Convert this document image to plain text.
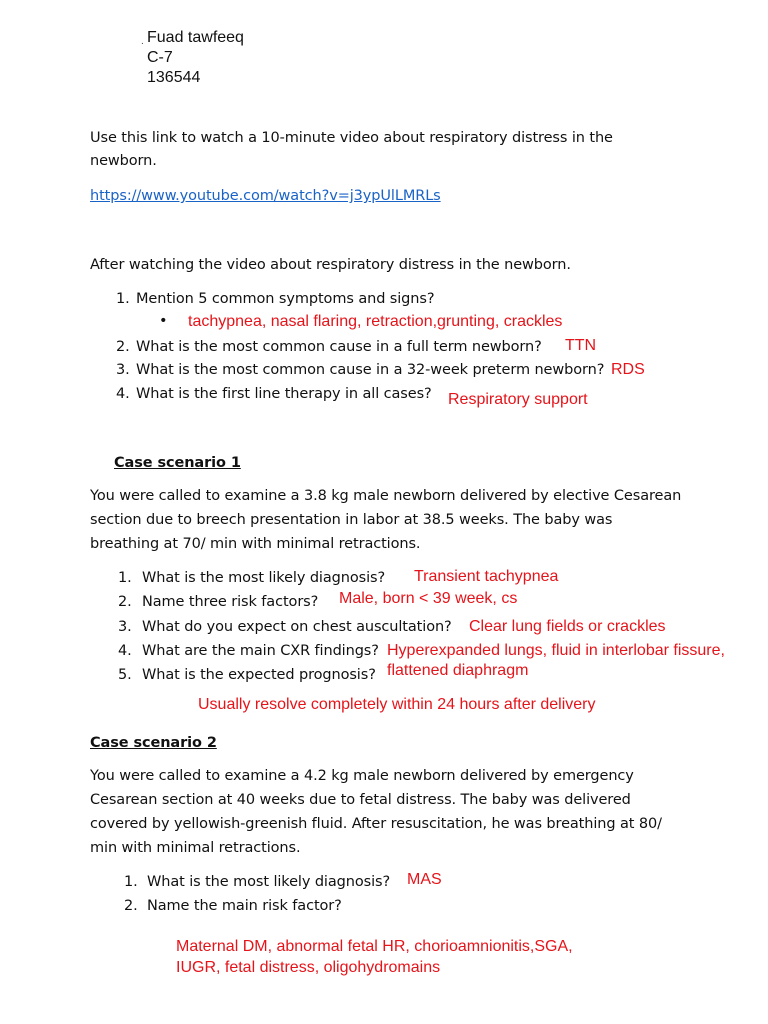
. Fuad tawfeeq
C-7
136544
Use this link to watch a 10-minute video about respiratory distress in the
newborn.
https://www.youtube.com/watch?v=j3ypUlLMRLs
After watching the video about respiratory distress in the newborn.
1. Mention 5 common symptoms and signs?
• tachypnea, nasal flaring, retraction,grunting, crackles
2. What is the most common cause in a full term newborn? TTN
3. What is the most common cause in a 32-week preterm newborn? RDS
4. What is the first line therapy in all cases? Respiratory support
Case scenario 1
You were called to examine a 3.8 kg male newborn delivered by elective Cesarean
section due to breech presentation in labor at 38.5 weeks. The baby was
breathing at 70/ min with minimal retractions.
1. What is the most likely diagnosis? Transient tachypnea
2. Name three risk factors? Male, born < 39 week, cs
3. What do you expect on chest auscultation? Clear lung fields or crackles
4. What are the main CXR findings? Hyperexpanded lungs, fluid in interlobar fissure,
5. What is the expected prognosis? flattened diaphragm
Usually resolve completely within 24 hours after delivery
Case scenario 2
You were called to examine a 4.2 kg male newborn delivered by emergency
Cesarean section at 40 weeks due to fetal distress. The baby was delivered
covered by yellowish-greenish fluid. After resuscitation, he was breathing at 80/
min with minimal retractions.
1. What is the most likely diagnosis? MAS
2. Name the main risk factor?
Maternal DM, abnormal fetal HR, chorioamnionitis,SGA,
IUGR, fetal distress, oligohydromains
